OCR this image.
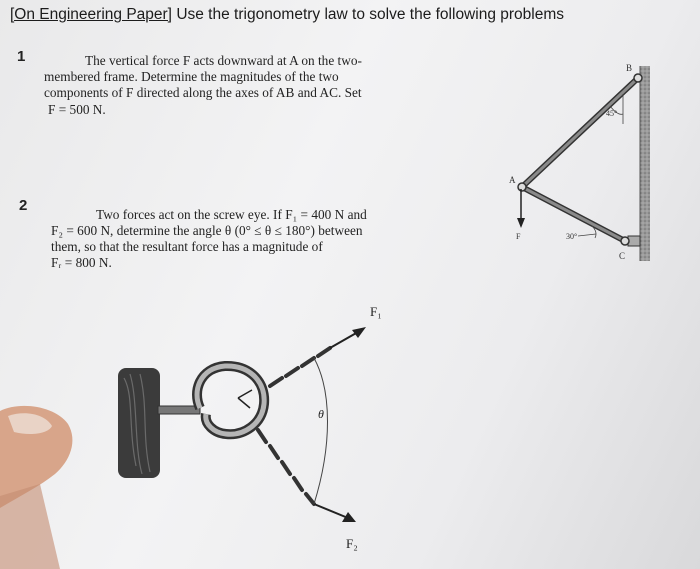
[On Engineering Paper] Use the trigonometry law to solve the following problems
1	The vertical force F acts downward at A on the two-
membered frame. Determine the magnitudes of the two
components of F directed along the axes of AB and AC. Set
F = 500 N.
2
Two forces act on the screw eye. If F₁ = 400 N and
F₂ = 600 N, determine the angle θ (0° ≤ θ ≤ 180°) between
them, so that the resultant force has a magnitude of
Fᵣ = 800 N.
B
45°
A
F	30°
C
F₁
θ
F₂
